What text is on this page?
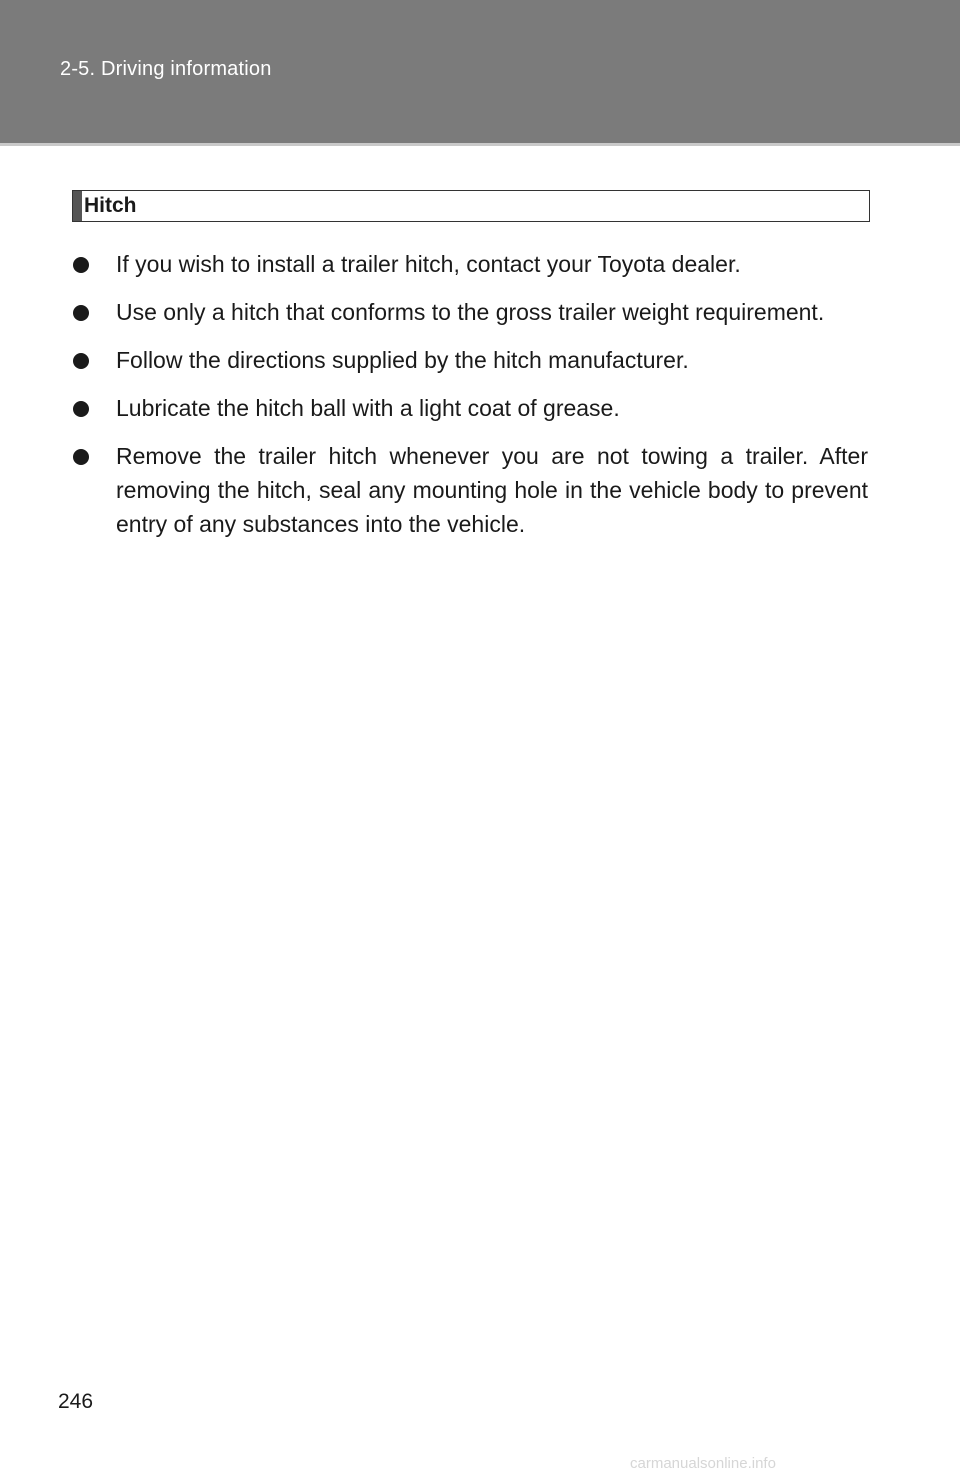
2-5. Driving information
Hitch
If you wish to install a trailer hitch, contact your Toyota dealer.
Use only a hitch that conforms to the gross trailer weight requirement.
Follow the directions supplied by the hitch manufacturer.
Lubricate the hitch ball with a light coat of grease.
Remove the trailer hitch whenever you are not towing a trailer. After removing the hitch, seal any mounting hole in the vehicle body to prevent entry of any substances into the vehicle.
246
carmanualsonline.info
